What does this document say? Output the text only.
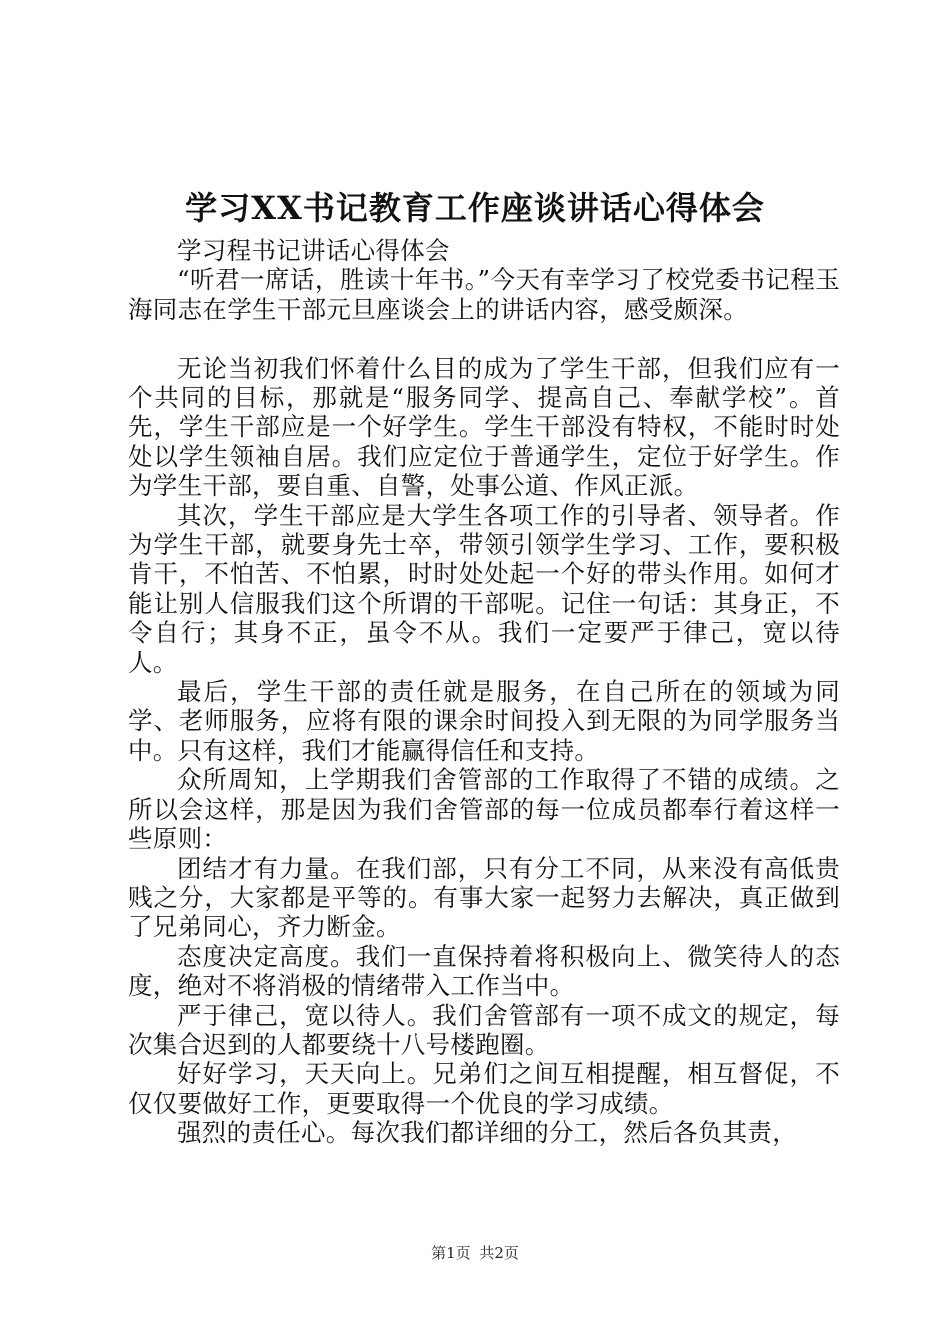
学习XX书记教育工作座谈讲话心得体会

学习程书记讲话心得体会

“听君一席话，胜读十年书。”今天有幸学习了校党委书记程玉海同志在学生干部元旦座谈会上的讲话内容，感受颇深。

无论当初我们怀着什么目的成为了学生干部，但我们应有一个共同的目标，那就是“服务同学、提高自己、奉献学校”。首先，学生干部应是一个好学生。学生干部没有特权，不能时时处处以学生领袖自居。我们应定位于普通学生，定位于好学生。作为学生干部，要自重、自警，处事公道、作风正派。

其次，学生干部应是大学生各项工作的引导者、领导者。作为学生干部，就要身先士卒，带领引领学生学习、工作，要积极肯干，不怕苦、不怕累，时时处处起一个好的带头作用。如何才能让别人信服我们这个所谓的干部呢。记住一句话：其身正，不令自行；其身不正，虽令不从。我们一定要严于律己，宽以待人。

最后，学生干部的责任就是服务，在自己所在的领域为同学、老师服务，应将有限的课余时间投入到无限的为同学服务当中。只有这样，我们才能赢得信任和支持。

众所周知，上学期我们舍管部的工作取得了不错的成绩。之所以会这样，那是因为我们舍管部的每一位成员都奉行着这样一些原则：

团结才有力量。在我们部，只有分工不同，从来没有高低贵贱之分，大家都是平等的。有事大家一起努力去解决，真正做到了兄弟同心，齐力断金。

态度决定高度。我们一直保持着将积极向上、微笑待人的态度，绝对不将消极的情绪带入工作当中。

严于律己，宽以待人。我们舍管部有一项不成文的规定，每次集合迟到的人都要绕十八号楼跑圈。

好好学习，天天向上。兄弟们之间互相提醒，相互督促，不仅仅要做好工作，更要取得一个优良的学习成绩。

强烈的责任心。每次我们都详细的分工，然后各负其责，

第1页 共2页
